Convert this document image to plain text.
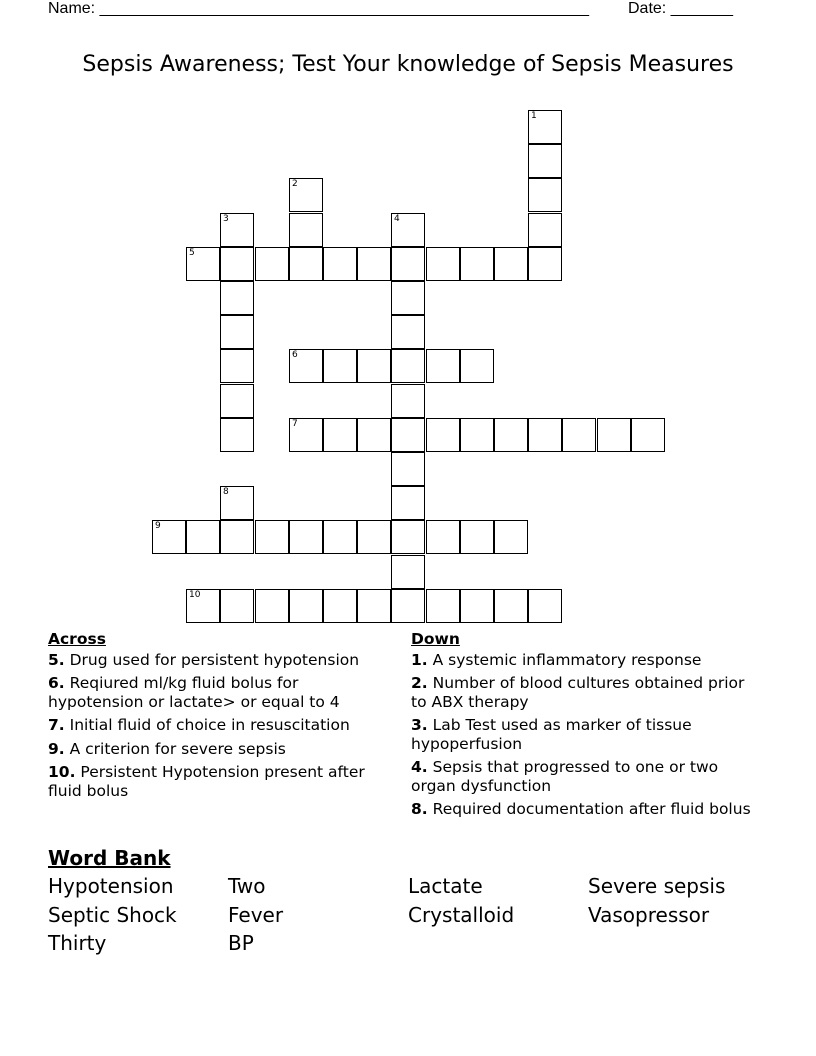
Name: _______________________________________________________ Date: _______
Sepsis Awareness; Test Your knowledge of Sepsis Measures
1
2
3	4
5
6
7
8
9
10
Across
5. Drug used for persistent hypotension
6. Reqiured ml/kg fluid bolus for hypotension or lactate> or equal to 4
7. Initial fluid of choice in resuscitation
9. A criterion for severe sepsis
10. Persistent Hypotension present after fluid bolus
Down
1. A systemic inflammatory response
2. Number of blood cultures obtained prior to ABX therapy
3. Lab Test used as marker of tissue hypoperfusion
4. Sepsis that progressed to one or two organ dysfunction
8. Required documentation after fluid bolus
Word Bank
Hypotension	Two	Lactate	Severe sepsis
Septic Shock	Fever	Crystalloid	Vasopressor
Thirty	BP
